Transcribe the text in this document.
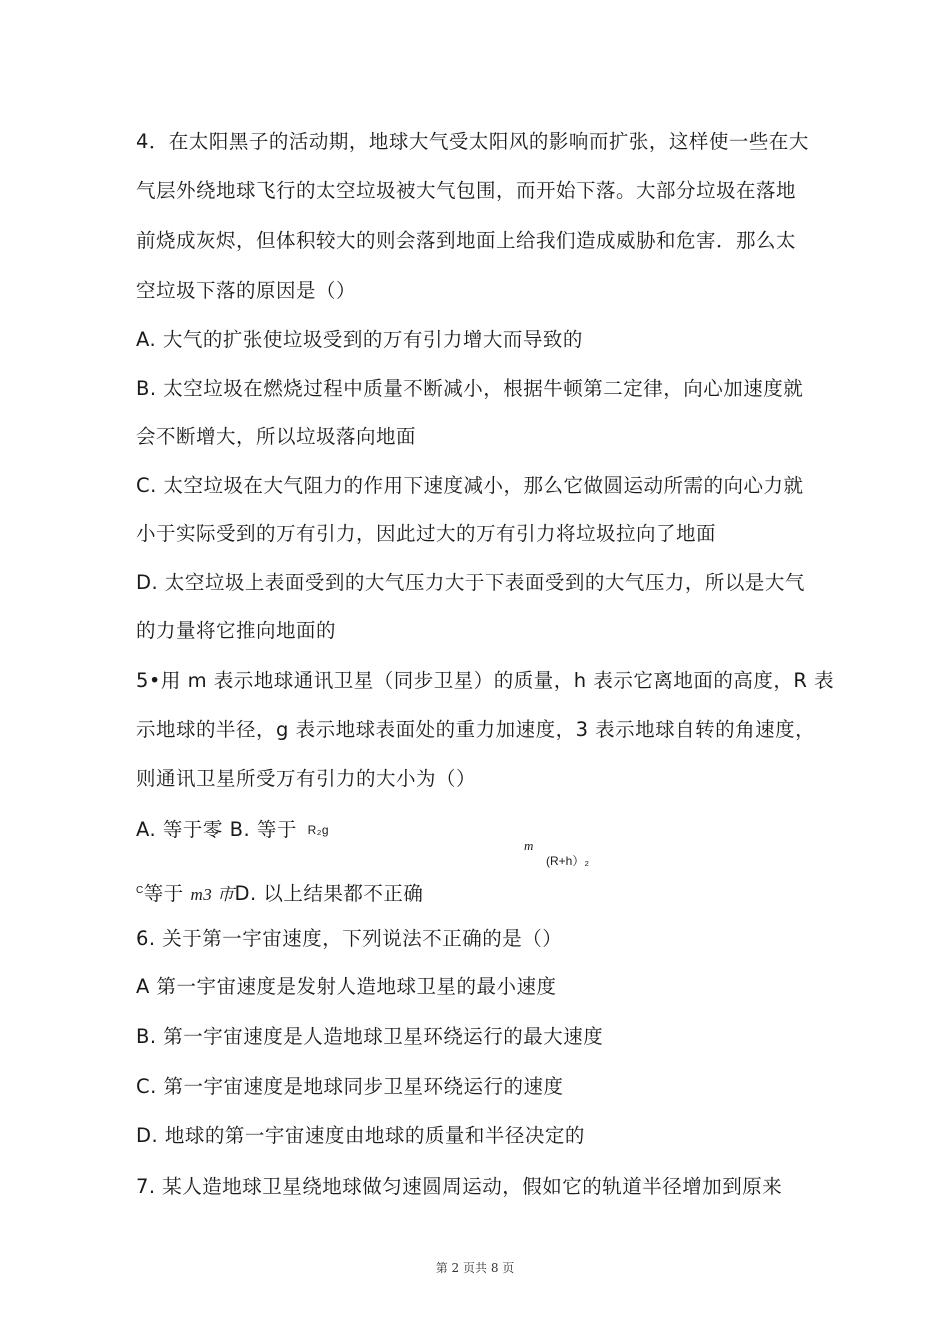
4．在太阳黑子的活动期，地球大气受太阳风的影响而扩张，这样使一些在大
气层外绕地球飞行的太空垃圾被大气包围，而开始下落。大部分垃圾在落地
前烧成灰烬，但体积较大的则会落到地面上给我们造成威胁和危害．那么太
空垃圾下落的原因是（）
A. 大气的扩张使垃圾受到的万有引力增大而导致的
B. 太空垃圾在燃烧过程中质量不断减小，根据牛顿第二定律，向心加速度就
会不断增大，所以垃圾落向地面
C. 太空垃圾在大气阻力的作用下速度减小，那么它做圆运动所需的向心力就
小于实际受到的万有引力，因此过大的万有引力将垃圾拉向了地面
D. 太空垃圾上表面受到的大气压力大于下表面受到的大气压力，所以是大气
的力量将它推向地面的
5•用 m 表示地球通讯卫星（同步卫星）的质量，h 表示它离地面的高度，R 表
示地球的半径，g 表示地球表面处的重力加速度，3 表示地球自转的角速度，
则通讯卫星所受万有引力的大小为（）
A. 等于零 B. 等于 R₂g
m
(R+h）₂
$^C$等于 m3 市D. 以上结果都不正确
6. 关于第一宇宙速度，下列说法不正确的是（）
A 第一宇宙速度是发射人造地球卫星的最小速度
B. 第一宇宙速度是人造地球卫星环绕运行的最大速度
C. 第一宇宙速度是地球同步卫星环绕运行的速度
D. 地球的第一宇宙速度由地球的质量和半径决定的
7. 某人造地球卫星绕地球做匀速圆周运动，假如它的轨道半径增加到原来
第 2 页共 8 页
